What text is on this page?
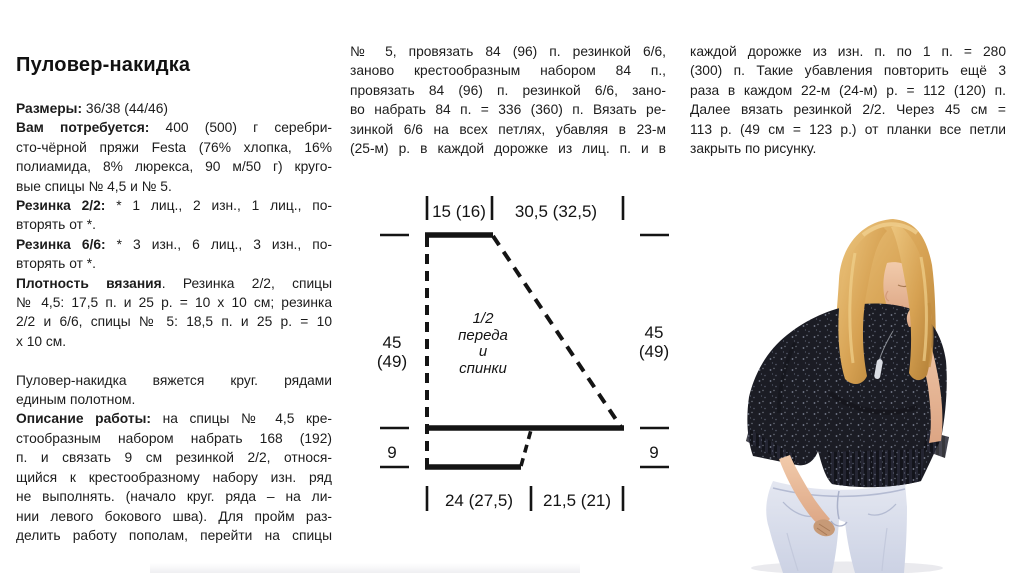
Пуловер-накидка
Размеры: 36/38 (44/46)
Вам потребуется: 400 (500) г серебри-
сто-чёрной пряжи Festa (76% хлопка, 16%
полиамида, 8% люрекса, 90 м/50 г) круго-
вые спицы № 4,5 и № 5.
Резинка 2/2: * 1 лиц., 2 изн., 1 лиц., по-
вторять от *.
Резинка 6/6: * 3 изн., 6 лиц., 3 изн., по-
вторять от *.
Плотность вязания. Резинка 2/2, спицы
№ 4,5: 17,5 п. и 25 р. = 10 х 10 см; резинка
2/2 и 6/6, спицы № 5: 18,5 п. и 25 р. = 10
х 10 см.
Пуловер-накидка вяжется круг. рядами
единым полотном.
Описание работы: на спицы № 4,5 кре-
стообразным набором набрать 168 (192)
п. и связать 9 см резинкой 2/2, относя-
щийся к крестообразному набору изн. ряд
не выполнять. (начало круг. ряда – на ли-
нии левого бокового шва). Для пройм раз-
делить работу пополам, перейти на спицы
№ 5, провязать 84 (96) п. резинкой 6/6,
заново крестообразным набором 84 п.,
провязать 84 (96) п. резинкой 6/6, зано-
во набрать 84 п. = 336 (360) п. Вязать ре-
зинкой 6/6 на всех петлях, убавляя в 23-м
(25-м) р. в каждой дорожке из лиц. п. и в
каждой дорожке из изн. п. по 1 п. = 280
(300) п. Такие убавления повторить ещё 3
раза в каждом 22-м (24-м) р. = 112 (120) п.
Далее вязать резинкой 2/2. Через 45 см =
113 р. (49 см = 123 р.) от планки все петли
закрыть по рисунку.
15 (16) 30,5 (32,5)
45
(49)
45
(49)
9	9
24 (27,5) 21,5 (21)
1/2
переда
и
спинки
